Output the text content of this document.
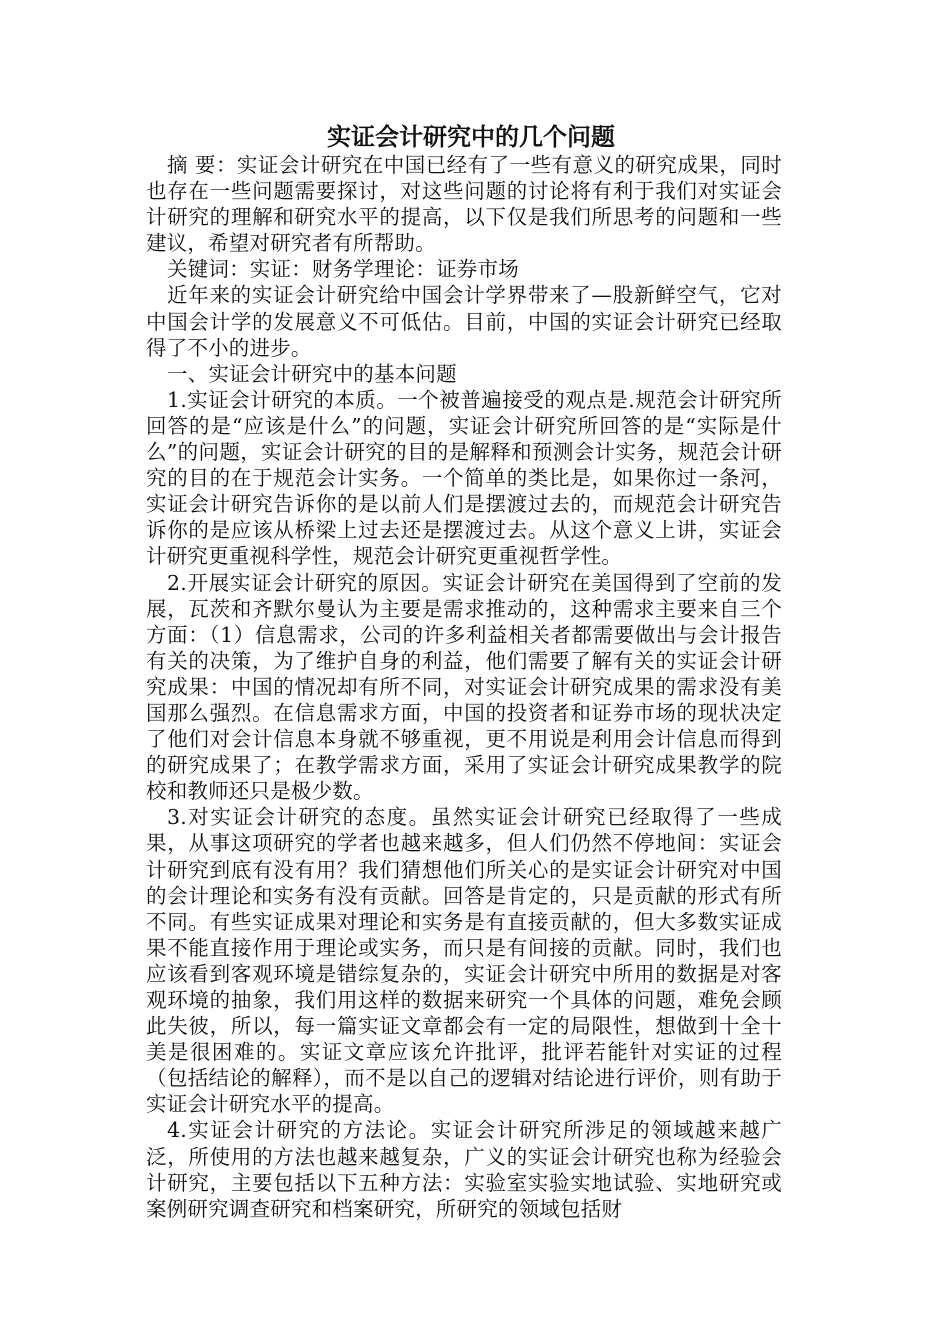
实证会计研究中的几个问题

摘 要：实证会计研究在中国已经有了一些有意义的研究成果，同时也存在一些问题需要探讨，对这些问题的讨论将有利于我们对实证会计研究的理解和研究水平的提高，以下仅是我们所思考的问题和一些建议，希望对研究者有所帮助。

关键词：实证：财务学理论：证券市场

近年来的实证会计研究给中国会计学界带来了—股新鲜空气，它对中国会计学的发展意义不可低估。目前，中国的实证会计研究已经取得了不小的进步。

一、实证会计研究中的基本问题

1.实证会计研究的本质。一个被普遍接受的观点是.规范会计研究所回答的是“应该是什么”的问题，实证会计研究所回答的是“实际是什么”的问题，实证会计研究的目的是解释和预测会计实务，规范会计研究的目的在于规范会计实务。一个简单的类比是，如果你过一条河，实证会计研究告诉你的是以前人们是摆渡过去的，而规范会计研究告诉你的是应该从桥梁上过去还是摆渡过去。从这个意义上讲，实证会计研究更重视科学性，规范会计研究更重视哲学性。

2.开展实证会计研究的原因。实证会计研究在美国得到了空前的发展，瓦茨和齐默尔曼认为主要是需求推动的，这种需求主要来自三个方面：（1）信息需求，公司的许多利益相关者都需要做出与会计报告有关的决策，为了维护自身的利益，他们需要了解有关的实证会计研究成果：中国的情况却有所不同，对实证会计研究成果的需求没有美国那么强烈。在信息需求方面，中国的投资者和证券市场的现状决定了他们对会计信息本身就不够重视，更不用说是利用会计信息而得到的研究成果了；在教学需求方面，采用了实证会计研究成果教学的院校和教师还只是极少数。

3.对实证会计研究的态度。虽然实证会计研究已经取得了一些成果，从事这项研究的学者也越来越多，但人们仍然不停地间：实证会计研究到底有没有用？我们猜想他们所关心的是实证会计研究对中国的会计理论和实务有没有贡献。回答是肯定的，只是贡献的形式有所不同。有些实证成果对理论和实务是有直接贡献的，但大多数实证成果不能直接作用于理论或实务，而只是有间接的贡献。同时，我们也应该看到客观环境是错综复杂的，实证会计研究中所用的数据是对客观环境的抽象，我们用这样的数据来研究一个具体的问题，难免会顾此失彼，所以，每一篇实证文章都会有一定的局限性，想做到十全十美是很困难的。实证文章应该允许批评，批评若能针对实证的过程（包括结论的解释），而不是以自己的逻辑对结论进行评价，则有助于实证会计研究水平的提高。

4.实证会计研究的方法论。实证会计研究所涉足的领域越来越广泛，所使用的方法也越来越复杂，广义的实证会计研究也称为经验会计研究，主要包括以下五种方法：实验室实验实地试验、实地研究或案例研究调查研究和档案研究，所研究的领域包括财
